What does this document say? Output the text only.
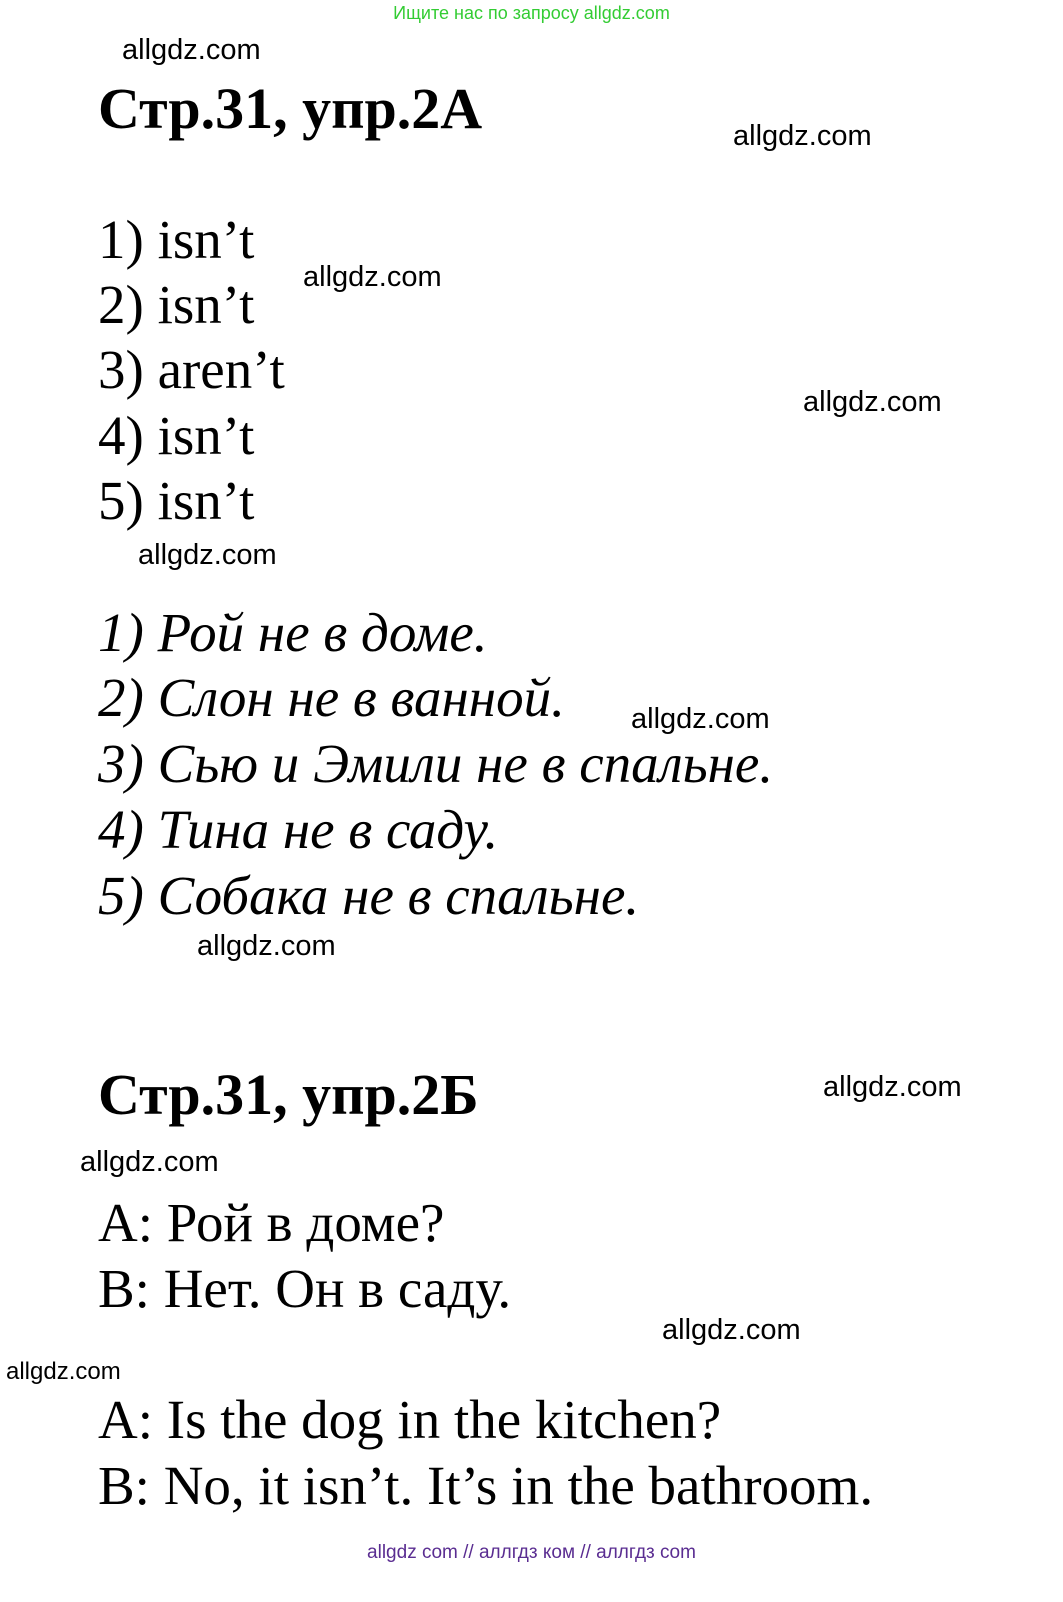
Ищите нас по запросу allgdz.com
allgdz.com
allgdz.com
allgdz.com
allgdz.com
allgdz.com
allgdz.com
allgdz.com
allgdz.com
allgdz.com
allgdz.com
allgdz.com
Стр.31, упр.2А
1) isn’t
2) isn’t
3) aren’t
4) isn’t
5) isn’t
1) Рой не в доме.
2) Слон не в ванной.
3) Сью и Эмили не в спальне.
4) Тина не в саду.
5) Собака не в спальне.
Стр.31, упр.2Б
A: Рой в доме?
B: Нет. Он в саду.
A: Is the dog in the kitchen?
B: No, it isn’t. It’s in the bathroom.
allgdz com // аллгдз ком // аллгдз com
